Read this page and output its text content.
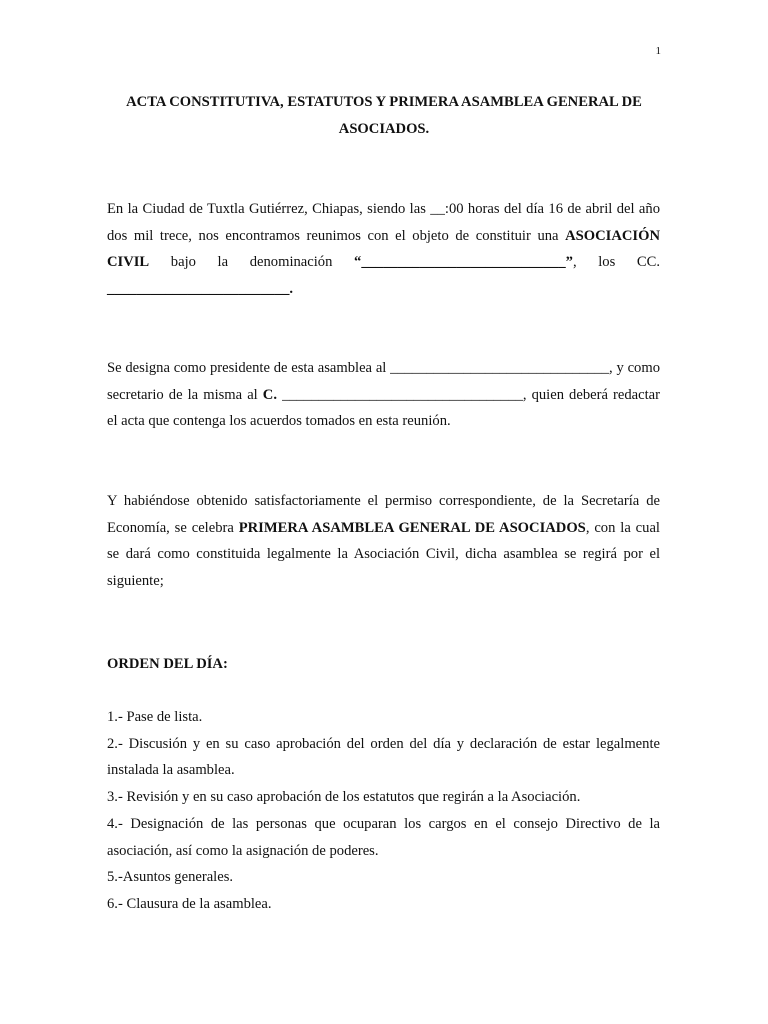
1
ACTA CONSTITUTIVA, ESTATUTOS Y PRIMERA ASAMBLEA GENERAL DE ASOCIADOS.
En la Ciudad de Tuxtla Gutiérrez, Chiapas, siendo las __:00 horas del día 16 de abril del año dos mil trece, nos encontramos reunimos con el objeto de constituir una ASOCIACIÓN CIVIL bajo la denominación “____________________________”, los CC. _________________________.
Se designa como presidente de esta asamblea al ______________________________, y como secretario de la misma al C. _________________________________, quien deberá redactar el acta que contenga los acuerdos tomados en esta reunión.
Y habiéndose obtenido satisfactoriamente el permiso correspondiente, de la Secretaría de Economía, se celebra PRIMERA ASAMBLEA GENERAL DE ASOCIADOS, con la cual se dará como constituida legalmente la Asociación Civil, dicha asamblea se regirá por el siguiente;
ORDEN DEL DÍA:
1.- Pase de lista.
2.- Discusión y en su caso aprobación del orden del día y declaración de estar legalmente instalada la asamblea.
3.- Revisión y en su caso aprobación de los estatutos que regirán a la Asociación.
4.- Designación de las personas que ocuparan los cargos en el consejo Directivo de la asociación, así como la asignación de poderes.
5.-Asuntos generales.
6.- Clausura de la asamblea.
